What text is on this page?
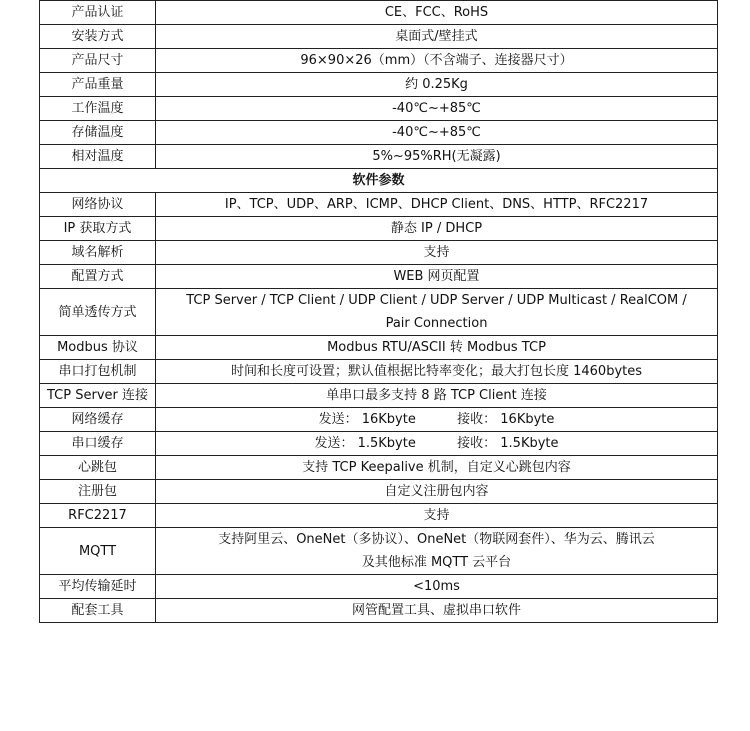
产品认证	CE、FCC、RoHS
安装方式	桌面式/壁挂式
产品尺寸	96×90×26（mm）（不含端子、连接器尺寸）
产品重量	约 0.25Kg
工作温度	-40℃~+85℃
存储温度	-40℃~+85℃
相对温度	5%~95%RH(无凝露)
软件参数	
网络协议	IP、TCP、UDP、ARP、ICMP、DHCP Client、DNS、HTTP、RFC2217
IP 获取方式	静态 IP / DHCP
域名解析	支持
配置方式	WEB 网页配置
简单透传方式	TCP Server / TCP Client / UDP Client / UDP Server / UDP Multicast / RealCOM /
Pair Connection

Modbus 协议	Modbus RTU/ASCII 转 Modbus TCP
串口打包机制	时间和长度可设置；默认值根据比特率变化；最大打包长度 1460bytes
TCP Server 连接	单串口最多支持 8 路 TCP Client 连接
网络缓存	发送： 16Kbyte          接收： 16Kbyte
串口缓存	发送： 1.5Kbyte          接收： 1.5Kbyte
心跳包	支持 TCP Keepalive 机制，自定义心跳包内容
注册包	自定义注册包内容
RFC2217	支持
MQTT	支持阿里云、OneNet（多协议）、OneNet（物联网套件）、华为云、腾讯云
及其他标准 MQTT 云平台

平均传输延时	<10ms
配套工具	网管配置工具、虚拟串口软件
